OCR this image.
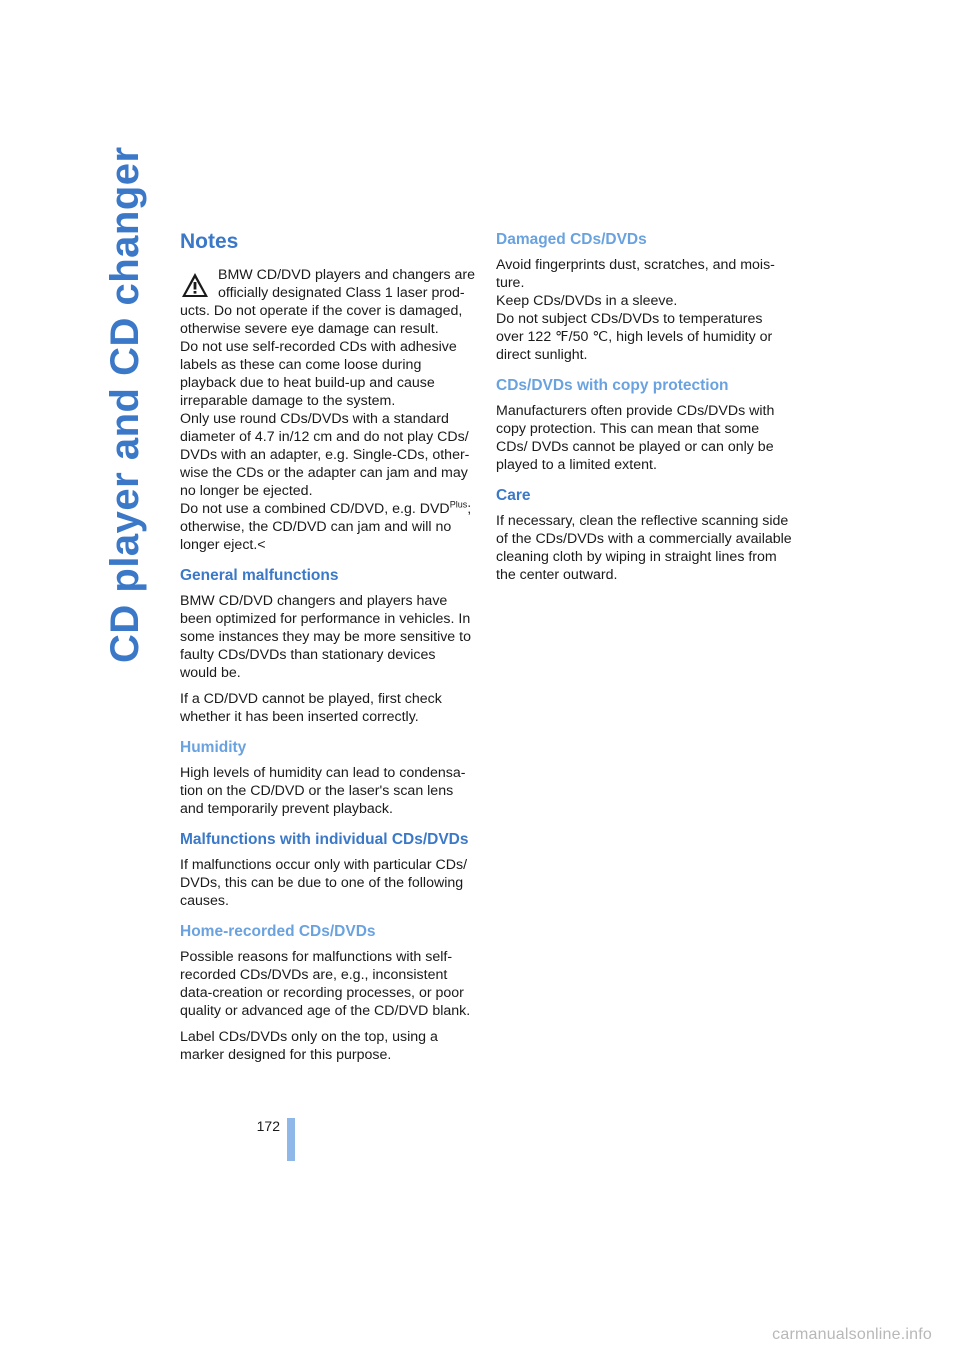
CD player and CD changer Notes

BMW CD/DVD players and changers are
officially designated Class 1 laser prod-
ucts. Do not operate if the cover is damaged, otherwise severe eye damage can result.

Do not use self-recorded CDs with adhesive labels as these can come loose during playback due to heat build-up and cause irreparable damage to the system.

Only use round CDs/DVDs with a standard diameter of 4.7 in/12 cm and do not play CDs/ DVDs with an adapter, e.g. Single-CDs, other-wise the CDs or the adapter can jam and may no longer be ejected.

Do not use a combined CD/DVD, e.g. $DVD^{Plus}$; otherwise, the CD/DVD can jam and will no longer eject.<

General malfunctions

BMW CD/DVD changers and players have been optimized for performance in vehicles. In some instances they may be more sensitive to faulty CDs/DVDs than stationary devices would be.

If a CD/DVD cannot be played, first check whether it has been inserted correctly.

Humidity

High levels of humidity can lead to condensa-tion on the CD/DVD or the laser's scan lens and temporarily prevent playback.

Malfunctions with individual CDs/DVDs

If malfunctions occur only with particular CDs/ DVDs, this can be due to one of the following causes.

Home-recorded CDs/DVDs

Possible reasons for malfunctions with self-recorded CDs/DVDs are, e.g., inconsistent data-creation or recording processes, or poor quality or advanced age of the CD/DVD blank.

Label CDs/DVDs only on the top, using a marker designed for this purpose.

Damaged CDs/DVDs

Avoid fingerprints dust, scratches, and mois-ture.

Keep CDs/DVDs in a sleeve.

Do not subject CDs/DVDs to temperatures over 122 ℉/50 ℃, high levels of humidity or direct sunlight.

CDs/DVDs with copy protection

Manufacturers often provide CDs/DVDs with copy protection. This can mean that some CDs/ DVDs cannot be played or can only be played to a limited extent.

Care

If necessary, clean the reflective scanning side of the CDs/DVDs with a commercially available cleaning cloth by wiping in straight lines from the center outward.

172
carmanualsonline.info
